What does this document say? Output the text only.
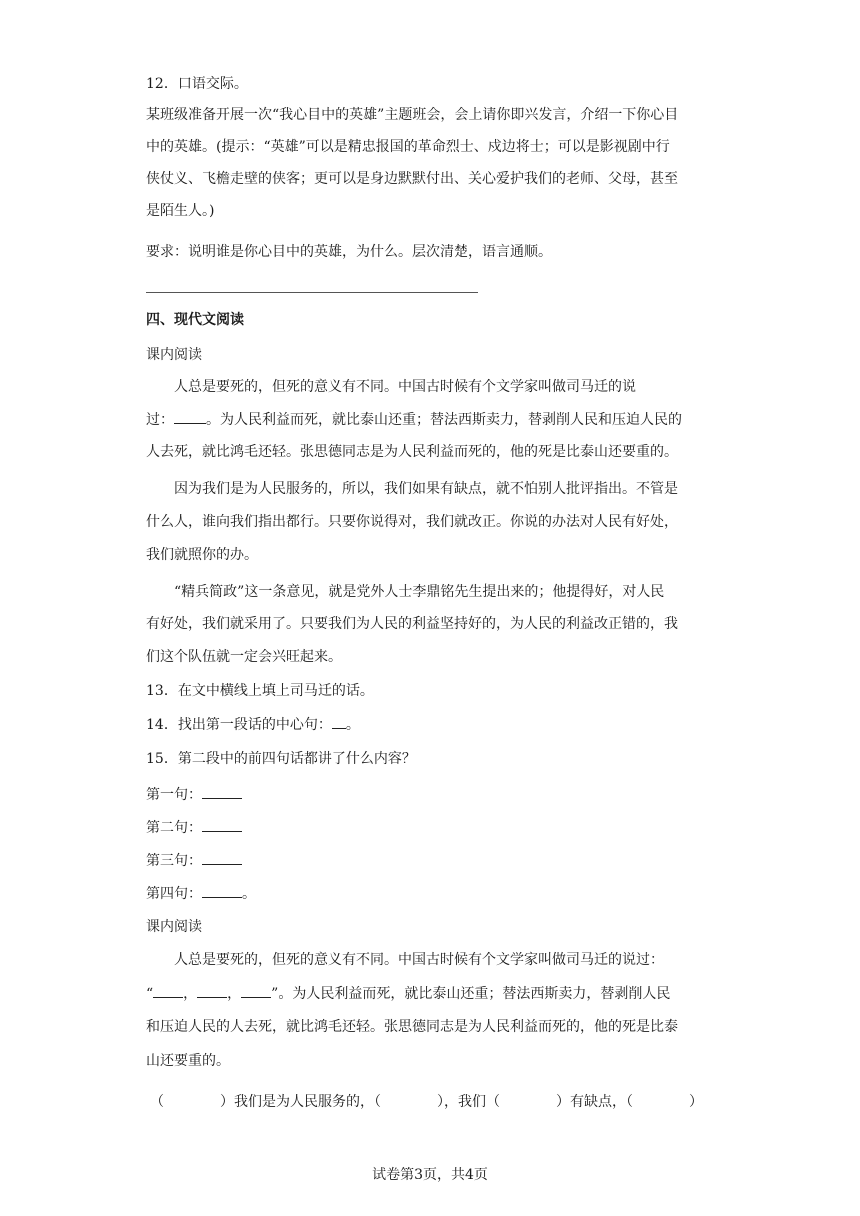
12．口语交际。
某班级准备开展一次“我心目中的英雄”主题班会，会上请你即兴发言，介绍一下你心目
中的英雄。(提示：“英雄”可以是精忠报国的革命烈士、戍边将士；可以是影视剧中行
侠仗义、飞檐走壁的侠客；更可以是身边默默付出、关心爱护我们的老师、父母，甚至
是陌生人。)
要求：说明谁是你心目中的英雄，为什么。层次清楚，语言通顺。
四、现代文阅读
课内阅读
人总是要死的，但死的意义有不同。中国古时候有个文学家叫做司马迁的说
过： 。为人民利益而死，就比泰山还重；替法西斯卖力，替剥削人民和压迫人民的
人去死，就比鸿毛还轻。张思德同志是为人民利益而死的，他的死是比泰山还要重的。
因为我们是为人民服务的，所以，我们如果有缺点，就不怕别人批评指出。不管是
什么人，谁向我们指出都行。只要你说得对，我们就改正。你说的办法对人民有好处，
我们就照你的办。
“精兵简政”这一条意见，就是党外人士李鼎铭先生提出来的；他提得好，对人民
有好处，我们就采用了。只要我们为人民的利益坚持好的，为人民的利益改正错的，我
们这个队伍就一定会兴旺起来。
13．在文中横线上填上司马迁的话。
14．找出第一段话的中心句： 。
15．第二段中的前四句话都讲了什么内容？
第一句：
第二句：
第三句：
第四句：	。
课内阅读
人总是要死的，但死的意义有不同。中国古时候有个文学家叫做司马迁的说过：
“ ， ， ”。为人民利益而死，就比泰山还重；替法西斯卖力，替剥削人民
和压迫人民的人去死，就比鸿毛还轻。张思德同志是为人民利益而死的，他的死是比泰
山还要重的。
（　　　　）我们是为人民服务的，（　　　　），我们（　　　　）有缺点，（　　　　）
试卷第3页，共4页
